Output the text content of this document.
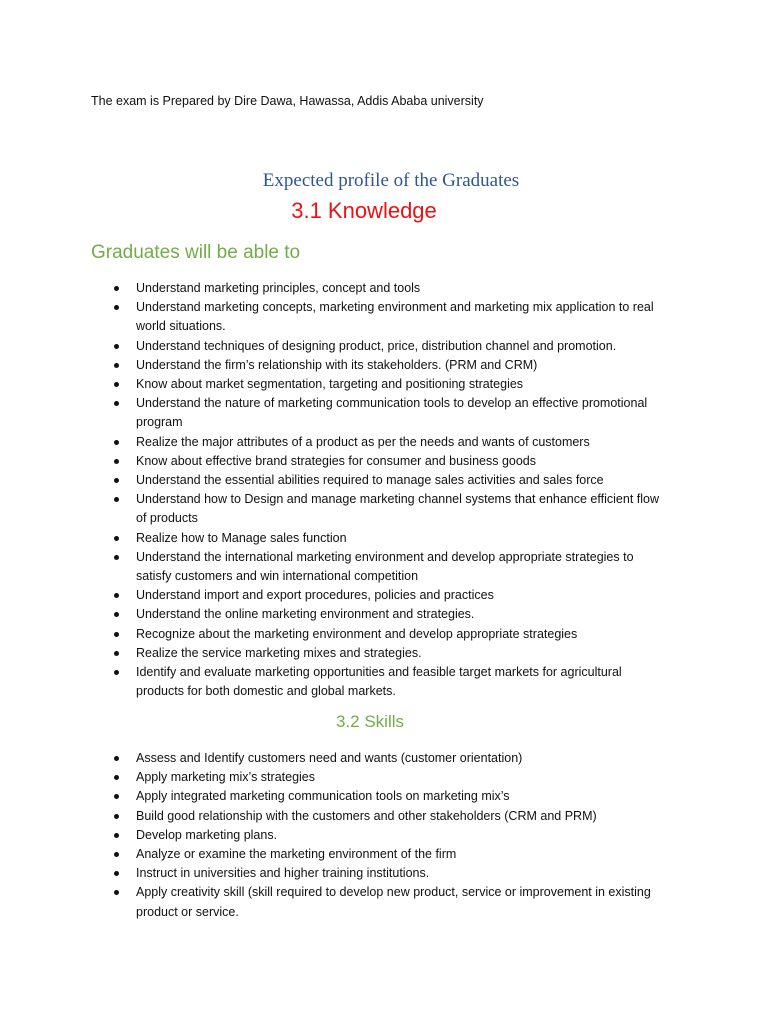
The exam is Prepared by Dire Dawa, Hawassa, Addis Ababa university
Expected profile of the Graduates
3.1 Knowledge
Graduates will be able to
Understand marketing principles, concept and tools
Understand marketing concepts, marketing environment and marketing mix application to real world situations.
Understand techniques of designing product, price, distribution channel and promotion.
Understand the firm’s relationship with its stakeholders. (PRM and CRM)
Know about market segmentation, targeting and positioning strategies
Understand the nature of marketing communication tools to develop an effective promotional program
Realize the major attributes of a product as per the needs and wants of customers
Know about effective brand strategies for consumer and business goods
Understand the essential abilities required to manage sales activities and sales force
Understand how to Design and manage marketing channel systems that enhance efficient flow of products
Realize how to Manage sales function
Understand the international marketing environment and develop appropriate strategies to satisfy customers and win international competition
Understand import and export procedures, policies and practices
Understand the online marketing environment and strategies.
Recognize about the marketing environment and develop appropriate strategies
Realize the service marketing mixes and strategies.
Identify and evaluate marketing opportunities and feasible target markets for agricultural products for both domestic and global markets.
3.2 Skills
Assess and Identify customers need and wants (customer orientation)
Apply marketing mix’s strategies
Apply integrated marketing communication tools on marketing mix’s
Build good relationship with the customers and other stakeholders (CRM and PRM)
Develop marketing plans.
Analyze or examine the marketing environment of the firm
Instruct in universities and higher training institutions.
Apply creativity skill (skill required to develop new product, service or improvement in existing product or service.
